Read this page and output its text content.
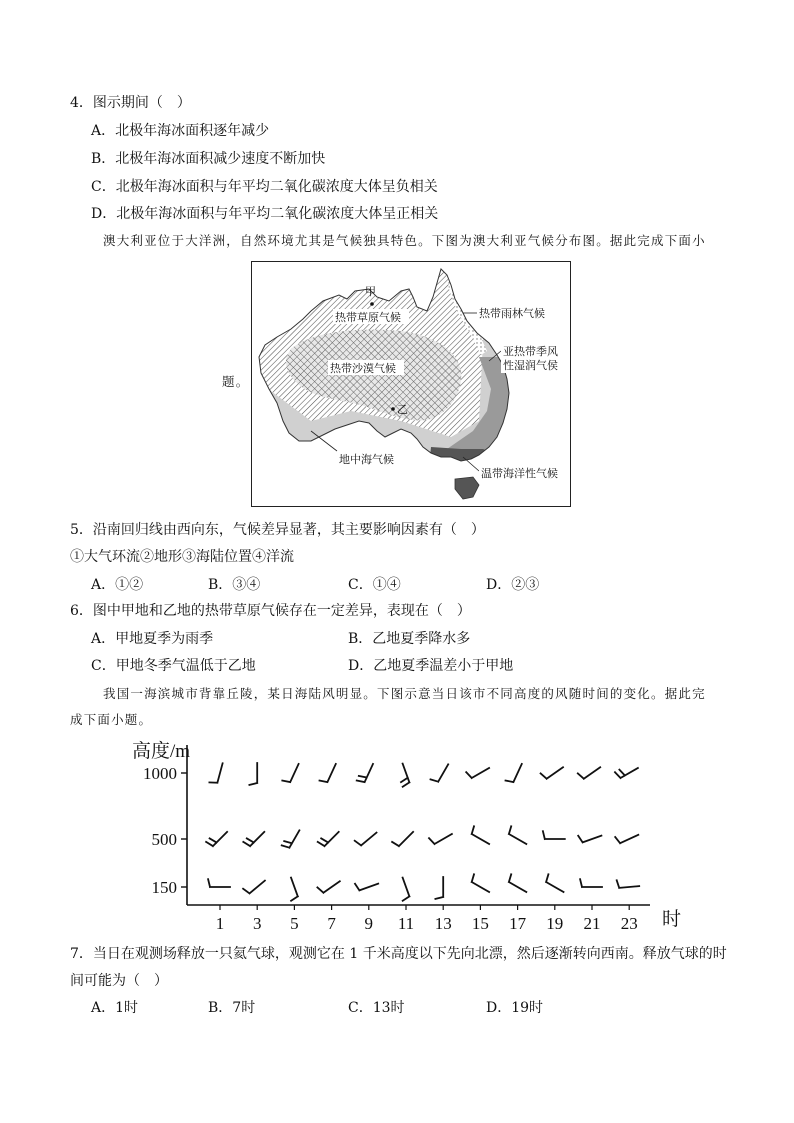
4．图示期间（　）
A．北极年海冰面积逐年减少
B．北极年海冰面积减少速度不断加快
C．北极年海冰面积与年平均二氧化碳浓度大体呈负相关
D．北极年海冰面积与年平均二氧化碳浓度大体呈正相关
澳大利亚位于大洋洲，自然环境尤其是气候独具特色。下图为澳大利亚气候分布图。据此完成下面小
题。
甲
乙
热带草原气候	热带雨林气候
亚热带季风
性湿润气侯
热带沙漠气候
地中海气候
温带海洋性气候
5．沿南回归线由西向东，气候差异显著，其主要影响因素有（　）
①大气环流②地形③海陆位置④洋流
A．①②	B．③④	C．①④	D．②③
6．图中甲地和乙地的热带草原气候存在一定差异，表现在（　）
A．甲地夏季为雨季	B．乙地夏季降水多
C．甲地冬季气温低于乙地	D．乙地夏季温差小于甲地
我国一海滨城市背靠丘陵，某日海陆风明显。下图示意当日该市不同高度的风随时间的变化。据此完
成下面小题。
高度/m
1000
500
150
1 3 5 7 9 11 13 15 17 19 21 23 时
7．当日在观测场释放一只氦气球，观测它在 1 千米高度以下先向北漂，然后逐渐转向西南。释放气球的时
间可能为（　）
A．1时	B．7时	C．13时	D．19时
